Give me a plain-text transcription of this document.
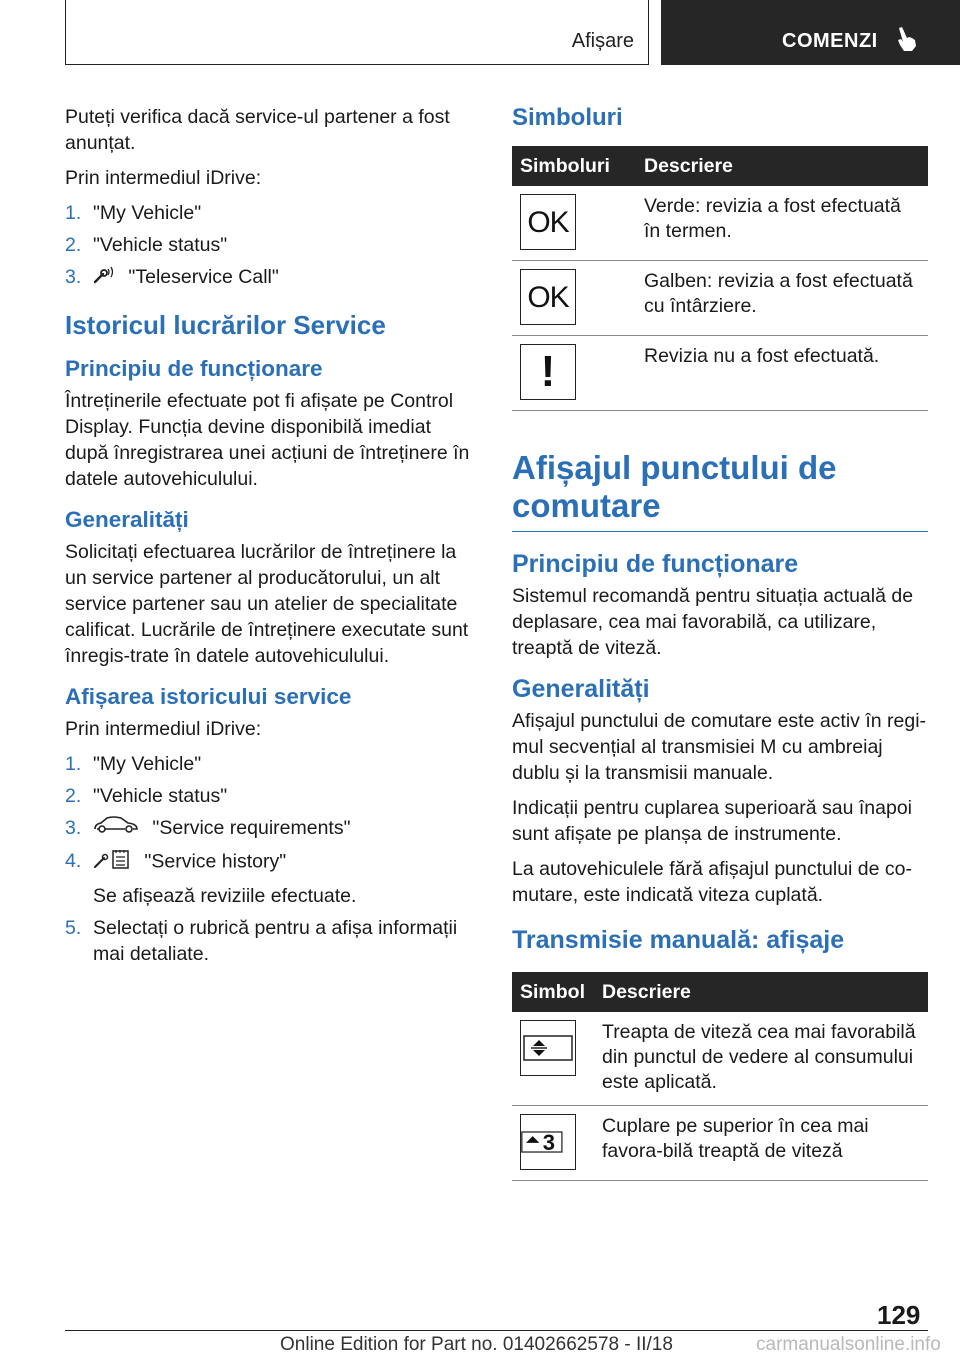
Afișare	COMENZI

Puteți verifica dacă service-ul partener a fost anunțat.

Prin intermediul iDrive:

1. "My Vehicle"
2. "Vehicle status"
3. "Teleservice Call"
Istoricul lucrărilor Service
Principiu de funcționare

Întreținerile efectuate pot fi afișate pe Control Display. Funcția devine disponibilă imediat după înregistrarea unei acțiuni de întreținere în datele autovehiculului.

Generalități

Solicitați efectuarea lucrărilor de întreținere la un service partener al producătorului, un alt service partener sau un atelier de specialitate calificat. Lucrările de întreținere executate sunt înregis-trate în datele autovehiculului.

Afișarea istoricului service

Prin intermediul iDrive:

1. "My Vehicle"
2. "Vehicle status"
3.	"Service requirements"
4.	"Service history"
Se afișează reviziile efectuate.
5. Selectați o rubrică pentru a afișa informații mai detaliate.
Simboluri
Simboluri	Descriere

OK	Verde: revizia a fost efectuată în termen.

OK	Galben: revizia a fost efectuată cu întârziere.

!	Revizia nu a fost efectuată.
Afișajul punctului de comutare
Principiu de funcționare

Sistemul recomandă pentru situația actuală de deplasare, cea mai favorabilă, ca utilizare, treaptă de viteză.

Generalități

Afișajul punctului de comutare este activ în regi-mul secvențial al transmisiei M cu ambreiaj dublu și la transmisii manuale.

Indicații pentru cuplarea superioară sau înapoi sunt afișate pe planșa de instrumente.

La autovehiculele fără afișajul punctului de co-mutare, este indicată viteza cuplată.

Transmisie manuală: afișaje
Simbol	Descriere

	Treapta de viteză cea mai favorabilă din punctul de vedere al consumului este aplicată.

3	Cuplare pe superior în cea mai favora-bilă treaptă de viteză
129
Online Edition for Part no. 01402662578 - II/18	carmanualsonline.info
